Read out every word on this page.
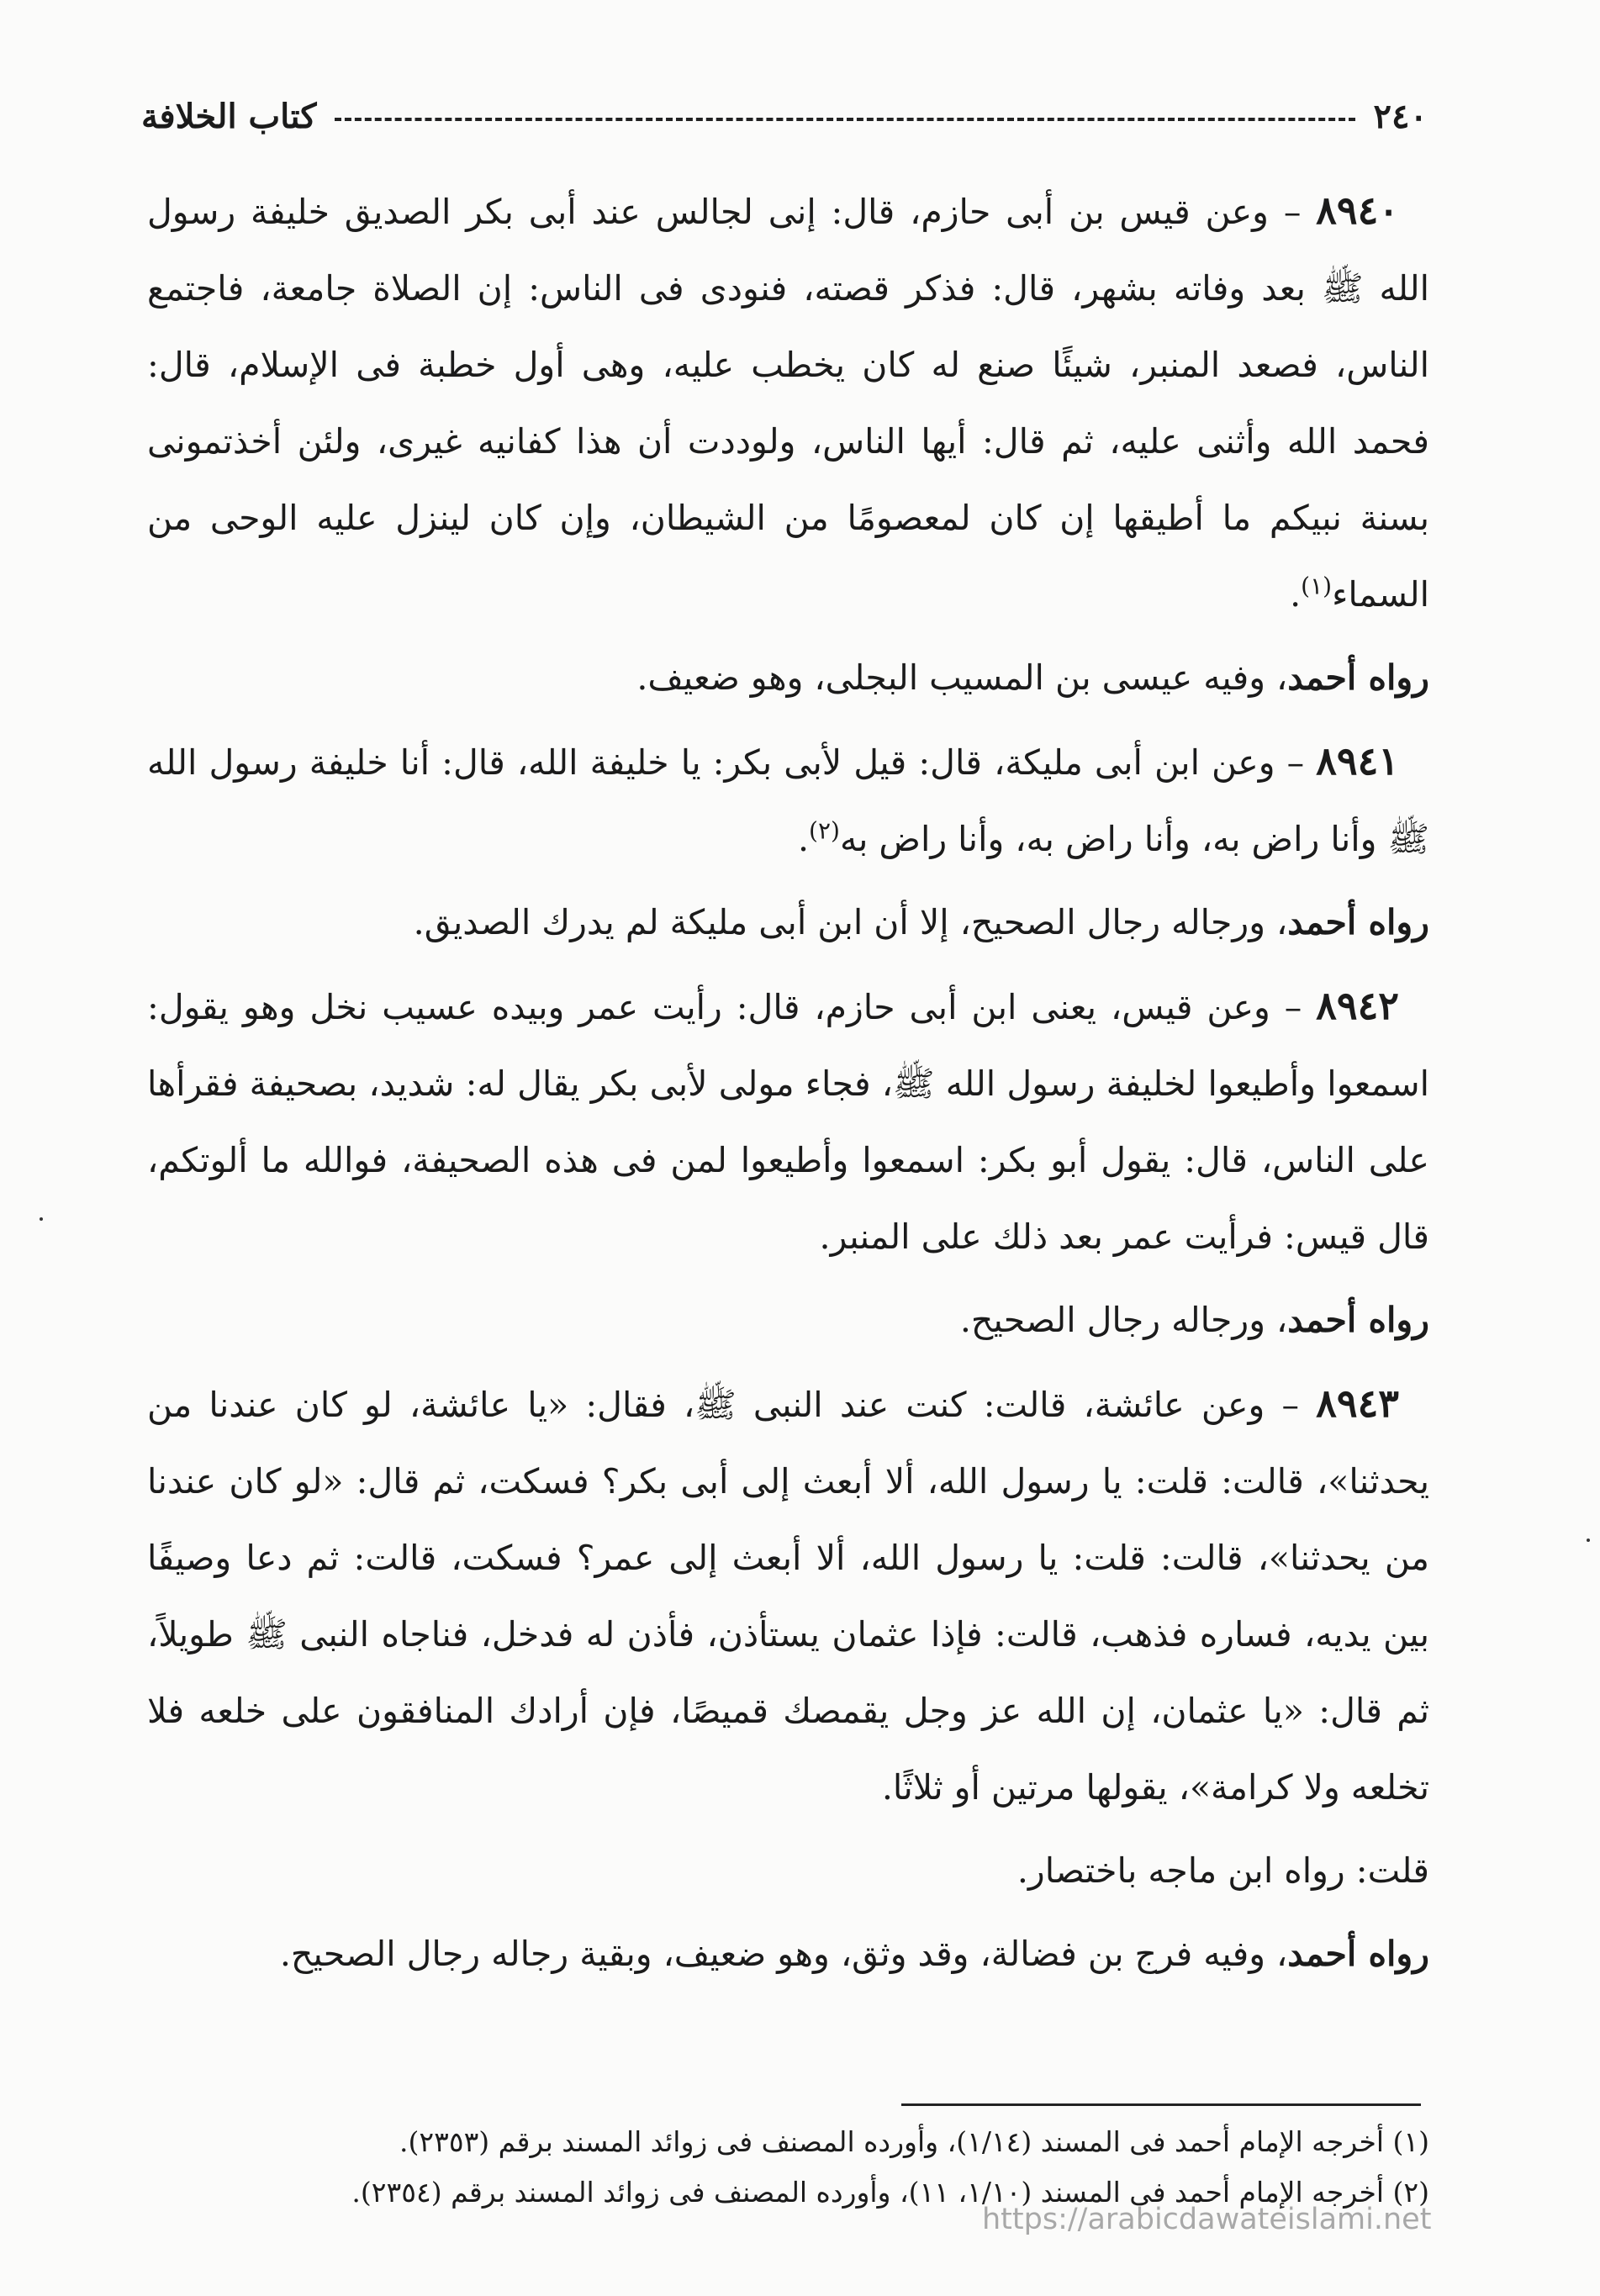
٢٤٠
كتاب الخلافة

٨٩٤٠ – وعن قيس بن أبى حازم، قال: إنى لجالس عند أبى بكر الصديق خليفة رسول الله ﷺ بعد وفاته بشهر، قال: فذكر قصته، فنودى فى الناس: إن الصلاة جامعة، فاجتمع الناس، فصعد المنبر، شيئًا صنع له كان يخطب عليه، وهى أول خطبة فى الإسلام، قال: فحمد الله وأثنى عليه، ثم قال: أيها الناس، ولوددت أن هذا كفانيه غيرى، ولئن أخذتمونى بسنة نبيكم ما أطيقها إن كان لمعصومًا من الشيطان، وإن كان لينزل عليه الوحى من السماء$^{(١)}$.

رواه أحمد، وفيه عيسى بن المسيب البجلى، وهو ضعيف.

٨٩٤١ – وعن ابن أبى مليكة، قال: قيل لأبى بكر: يا خليفة الله، قال: أنا خليفة رسول الله ﷺ وأنا راض به، وأنا راض به، وأنا راض به$^{(٢)}$.

رواه أحمد، ورجاله رجال الصحيح، إلا أن ابن أبى مليكة لم يدرك الصديق.

٨٩٤٢ – وعن قيس، يعنى ابن أبى حازم، قال: رأيت عمر وبيده عسيب نخل وهو يقول: اسمعوا وأطيعوا لخليفة رسول الله ﷺ، فجاء مولى لأبى بكر يقال له: شديد، بصحيفة فقرأها على الناس، قال: يقول أبو بكر: اسمعوا وأطيعوا لمن فى هذه الصحيفة، فوالله ما ألوتكم، قال قيس: فرأيت عمر بعد ذلك على المنبر.

رواه أحمد، ورجاله رجال الصحيح.

٨٩٤٣ – وعن عائشة، قالت: كنت عند النبى ﷺ، فقال: «يا عائشة، لو كان عندنا من يحدثنا»، قالت: قلت: يا رسول الله، ألا أبعث إلى أبى بكر؟ فسكت، ثم قال: «لو كان عندنا من يحدثنا»، قالت: قلت: يا رسول الله، ألا أبعث إلى عمر؟ فسكت، قالت: ثم دعا وصيفًا بين يديه، فساره فذهب، قالت: فإذا عثمان يستأذن، فأذن له فدخل، فناجاه النبى ﷺ طويلاً، ثم قال: «يا عثمان، إن الله عز وجل يقمصك قميصًا، فإن أرادك المنافقون على خلعه فلا تخلعه ولا كرامة»، يقولها مرتين أو ثلاثًا.

قلت: رواه ابن ماجه باختصار.

رواه أحمد، وفيه فرج بن فضالة، وقد وثق، وهو ضعيف، وبقية رجاله رجال الصحيح.

(١) أخرجه الإمام أحمد فى المسند (١/١٤)، وأورده المصنف فى زوائد المسند برقم (٢٣٥٣).

(٢) أخرجه الإمام أحمد فى المسند (١/١٠، ١١)، وأورده المصنف فى زوائد المسند برقم (٢٣٥٤).

https://arabicdawateislami.net
